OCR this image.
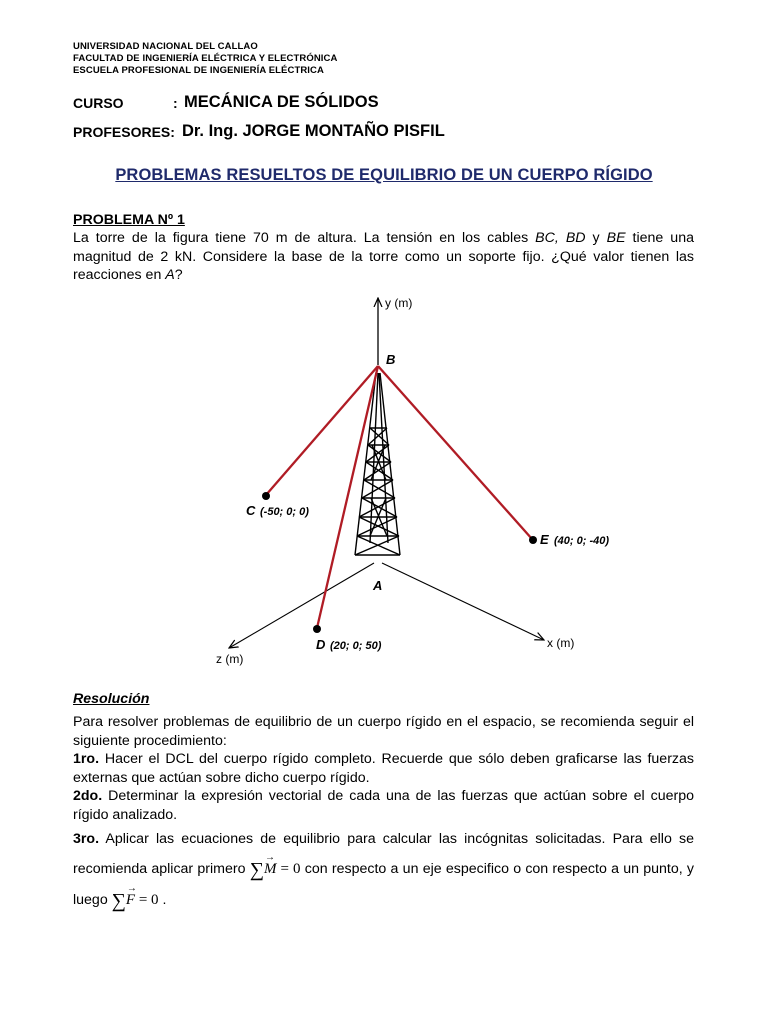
UNIVERSIDAD NACIONAL DEL CALLAO
FACULTAD DE INGENIERÍA ELÉCTRICA Y ELECTRÓNICA
ESCUELA PROFESIONAL DE INGENIERÍA ELÉCTRICA
CURSO	: MECÁNICA DE SÓLIDOS
PROFESORES: Dr. Ing. JORGE MONTAÑO PISFIL
PROBLEMAS RESUELTOS DE EQUILIBRIO DE UN CUERPO RÍGIDO
PROBLEMA Nº 1
La torre de la figura tiene 70 m de altura. La tensión en los cables BC, BD y BE tiene una magnitud de 2 kN. Considere la base de la torre como un soporte fijo. ¿Qué valor tienen las reacciones en A?
y (m)
x (m)
z (m)
B
A
C (-50; 0; 0)
D (20; 0; 50)
E (40; 0; -40)
Resolución
Para resolver problemas de equilibrio de un cuerpo rígido en el espacio, se recomienda seguir el siguiente procedimiento:
1ro. Hacer el DCL del cuerpo rígido completo. Recuerde que sólo deben graficarse las fuerzas externas que actúan sobre dicho cuerpo rígido.
2do. Determinar la expresión vectorial de cada una de las fuerzas que actúan sobre el cuerpo rígido analizado.
3ro. Aplicar las ecuaciones de equilibrio para calcular las incógnitas solicitadas. Para ello se recomienda aplicar primero ∑→ M = 0 con respecto a un eje especifico o con respecto a un punto, y luego ∑→ F = 0 .
